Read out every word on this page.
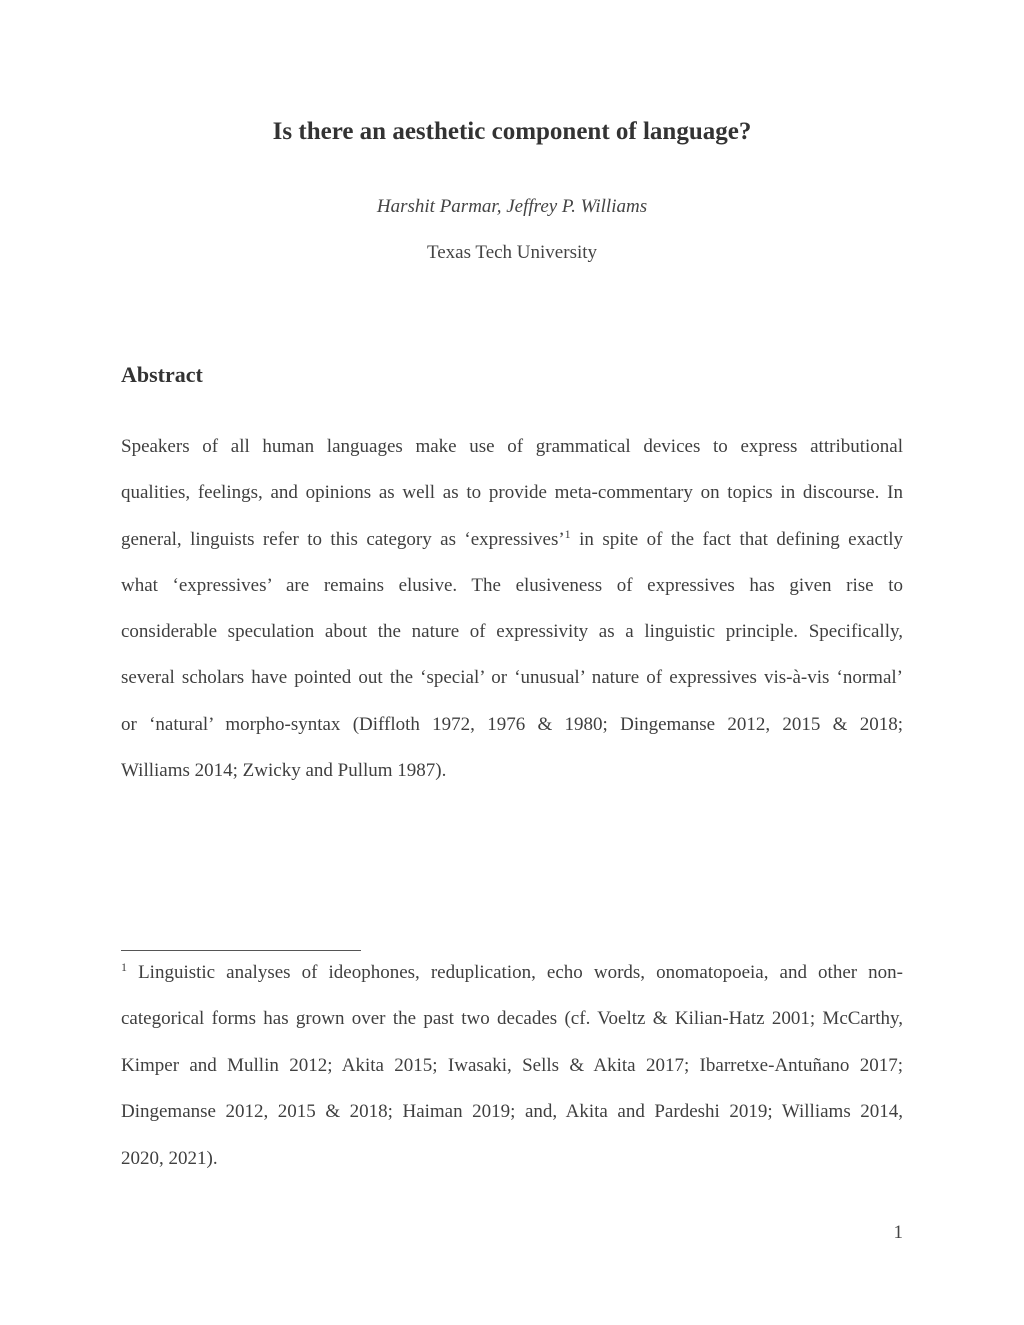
Is there an aesthetic component of language?
Harshit Parmar, Jeffrey P. Williams
Texas Tech University
Abstract
Speakers of all human languages make use of grammatical devices to express attributional
qualities, feelings, and opinions as well as to provide meta-commentary on topics in discourse. In
general, linguists refer to this category as ‘expressives’$^1$ in spite of the fact that defining exactly
what ‘expressives’ are remains elusive. The elusiveness of expressives has given rise to
considerable speculation about the nature of expressivity as a linguistic principle. Specifically,
several scholars have pointed out the ‘special’ or ‘unusual’ nature of expressives vis-à-vis ‘normal’
or ‘natural’ morpho-syntax (Diffloth 1972, 1976 & 1980; Dingemanse 2012, 2015 & 2018;
Williams 2014; Zwicky and Pullum 1987).
$^1$ Linguistic analyses of ideophones, reduplication, echo words, onomatopoeia, and other non-
categorical forms has grown over the past two decades (cf. Voeltz & Kilian-Hatz 2001; McCarthy,
Kimper and Mullin 2012; Akita 2015; Iwasaki, Sells & Akita 2017; Ibarretxe-Antuñano 2017;
Dingemanse 2012, 2015 & 2018; Haiman 2019; and, Akita and Pardeshi 2019; Williams 2014,
2020, 2021).
1
